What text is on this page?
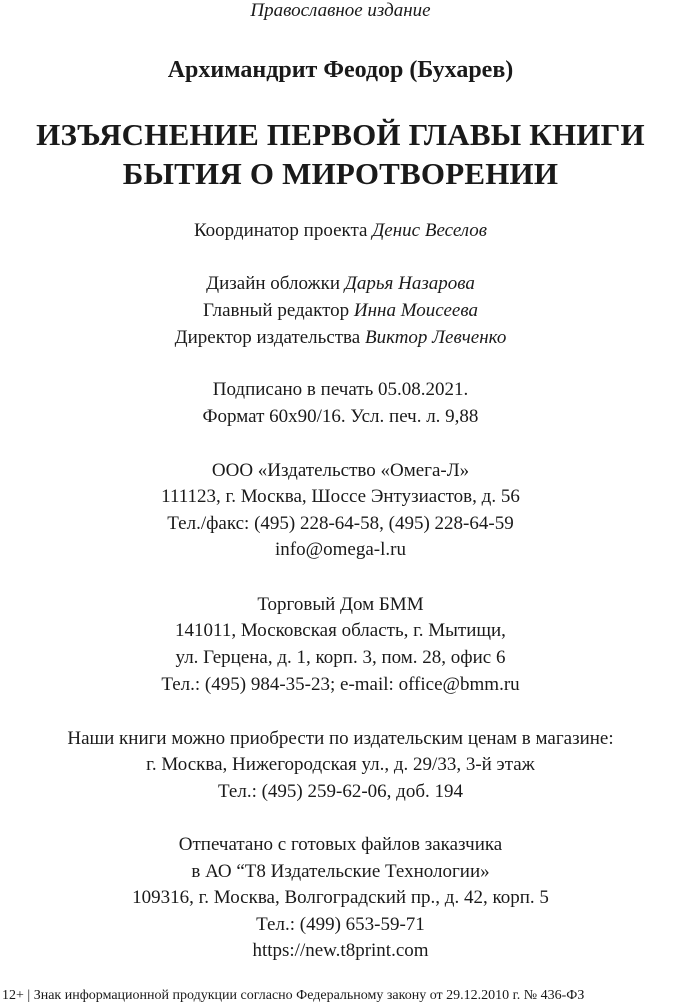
Православное издание
Архимандрит Феодор (Бухарев)
ИЗЪЯСНЕНИЕ ПЕРВОЙ ГЛАВЫ КНИГИ
БЫТИЯ О МИРОТВОРЕНИИ
Координатор проекта Денис Веселов
Дизайн обложки Дарья Назарова
Главный редактор Инна Моисеева
Директор издательства Виктор Левченко
Подписано в печать 05.08.2021.
Формат 60х90/16. Усл. печ. л. 9,88
ООО «Издательство «Омега-Л»
111123, г. Москва, Шоссе Энтузиастов, д. 56
Тел./факс: (495) 228-64-58, (495) 228-64-59
info@omega-l.ru
Торговый Дом БММ
141011, Московская область, г. Мытищи,
ул. Герцена, д. 1, корп. 3, пом. 28, офис 6
Тел.: (495) 984-35-23; e-mail: office@bmm.ru
Наши книги можно приобрести по издательским ценам в магазине:
г. Москва, Нижегородская ул., д. 29/33, 3-й этаж
Тел.: (495) 259-62-06, доб. 194
Отпечатано с готовых файлов заказчика
в АО “Т8 Издательские Технологии»
109316, г. Москва, Волгоградский пр., д. 42, корп. 5
Тел.: (499) 653-59-71
https://new.t8print.com
12+ | Знак информационной продукции согласно Федеральному закону от 29.12.2010 г. № 436-ФЗ
